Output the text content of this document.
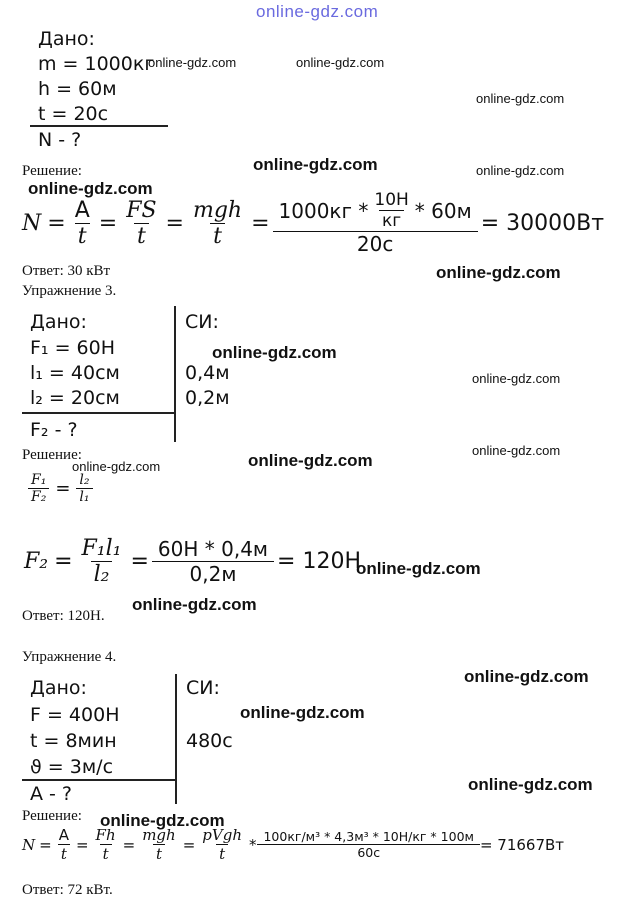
online-gdz.com
Дано:
m = 1000кг
h = 60м
t = 20с
N - ?
Решение:
$N = \frac{A}{t} = \frac{FS}{t} = \frac{\text{mgh}}{t} = \frac{1000кг * \frac{10Н}{кг} * 60м}{20с} = 30000Вт$
Ответ: 30 кВт
Упражнение 3.
Дано:
F₁ = 60Н
l₁ = 40см
l₂ = 20см
F₂ - ?
СИ:
0,4м
0,2м
Решение:
$\frac{\text{F₁}}{\text{F₂}} = \frac{\text{l₂}}{\text{l₁}}$
$F_2 = \frac{\text{F₁l₁}}{\text{l₂}} = \frac{60Н * 0,4м}{0,2м} = 120Н$
Ответ: 120Н.
Упражнение 4.
Дано:
F = 400Н
t = 8мин
ϑ = 3м/с
A - ?
СИ:
480с
Решение:
$N = \frac{A}{t} = \frac{Fh}{t} = \frac{\text{mgh}}{t} = \frac{\text{pVgh}}{t} * \frac{\text{100кг/м³ * 4,3м³ * 10Н/кг * 100м}}{60с} = 71667Вт$
Ответ: 72 кВт.
online-gdz.com	online-gdz.com
online-gdz.com
online-gdz.com	online-gdz.com
online-gdz.com
online-gdz.com
online-gdz.com
online-gdz.com
online-gdz.com
online-gdz.com
online-gdz.com
online-gdz.com
online-gdz.com
online-gdz.com
online-gdz.com
online-gdz.com
online-gdz.com
